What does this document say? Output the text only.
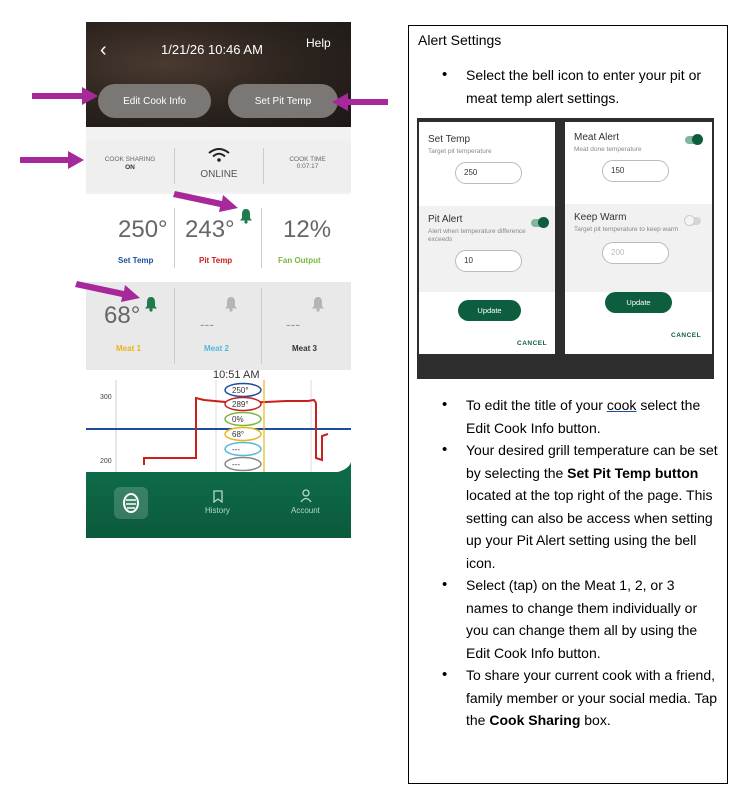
‹	1/21/26 10:46 AM	Help
Edit Cook Info	Set Pit Temp
COOK SHARING
ON
ONLINE
COOK TIME
0:07:17
250°
Set Temp
243°
Pit Temp
12%
Fan Output
68°
Meat 1
---
Meat 2
---
Meat 3
300
200
10:51 AM
250°
289°
0%
68°
---
---
History	Account
Alert Settings
• Select the bell icon to enter your pit or meat temp alert settings.
• To edit the title of your cook select the Edit Cook Info button.
• Your desired grill temperature can be set by selecting the Set Pit Temp button located at the top right of the page. This setting can also be access when setting up your Pit Alert setting using the bell icon.
• Select (tap) on the Meat 1, 2, or 3 names to change them individually or you can change them all by using the Edit Cook Info button.
• To share your current cook with a friend, family member or your social media. Tap the Cook Sharing box.
Set Temp
Target pit temperature
250
Pit Alert
Alert when temperature difference exceeds
10
Update
CANCEL
Meat Alert
Meat done temperature
150
Keep Warm
Target pit temperature to keep warm
200
Update
CANCEL
